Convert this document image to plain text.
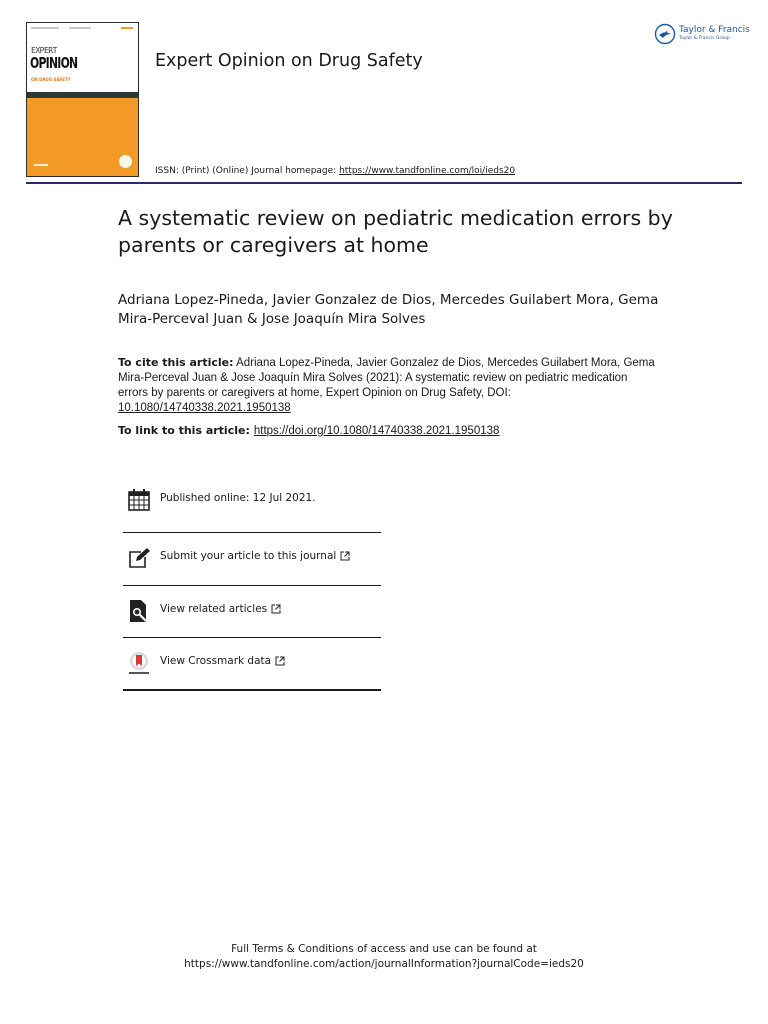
EXPERT
OPINION
ON DRUG SAFETY
Expert Opinion on Drug Safety
Taylor & Francis
Taylor & Francis Group
ISSN: (Print) (Online) Journal homepage: https://www.tandfonline.com/loi/ieds20
A systematic review on pediatric medication errors by parents or caregivers at home
Adriana Lopez-Pineda, Javier Gonzalez de Dios, Mercedes Guilabert Mora, Gema Mira-Perceval Juan & Jose Joaquín Mira Solves
To cite this article: Adriana Lopez-Pineda, Javier Gonzalez de Dios, Mercedes Guilabert Mora, Gema Mira-Perceval Juan & Jose Joaquín Mira Solves (2021): A systematic review on pediatric medication errors by parents or caregivers at home, Expert Opinion on Drug Safety, DOI: 10.1080/14740338.2021.1950138
To link to this article: https://doi.org/10.1080/14740338.2021.1950138
Published online: 12 Jul 2021.
Submit your article to this journal
View related articles
View Crossmark data
Full Terms & Conditions of access and use can be found at
https://www.tandfonline.com/action/journalInformation?journalCode=ieds20
